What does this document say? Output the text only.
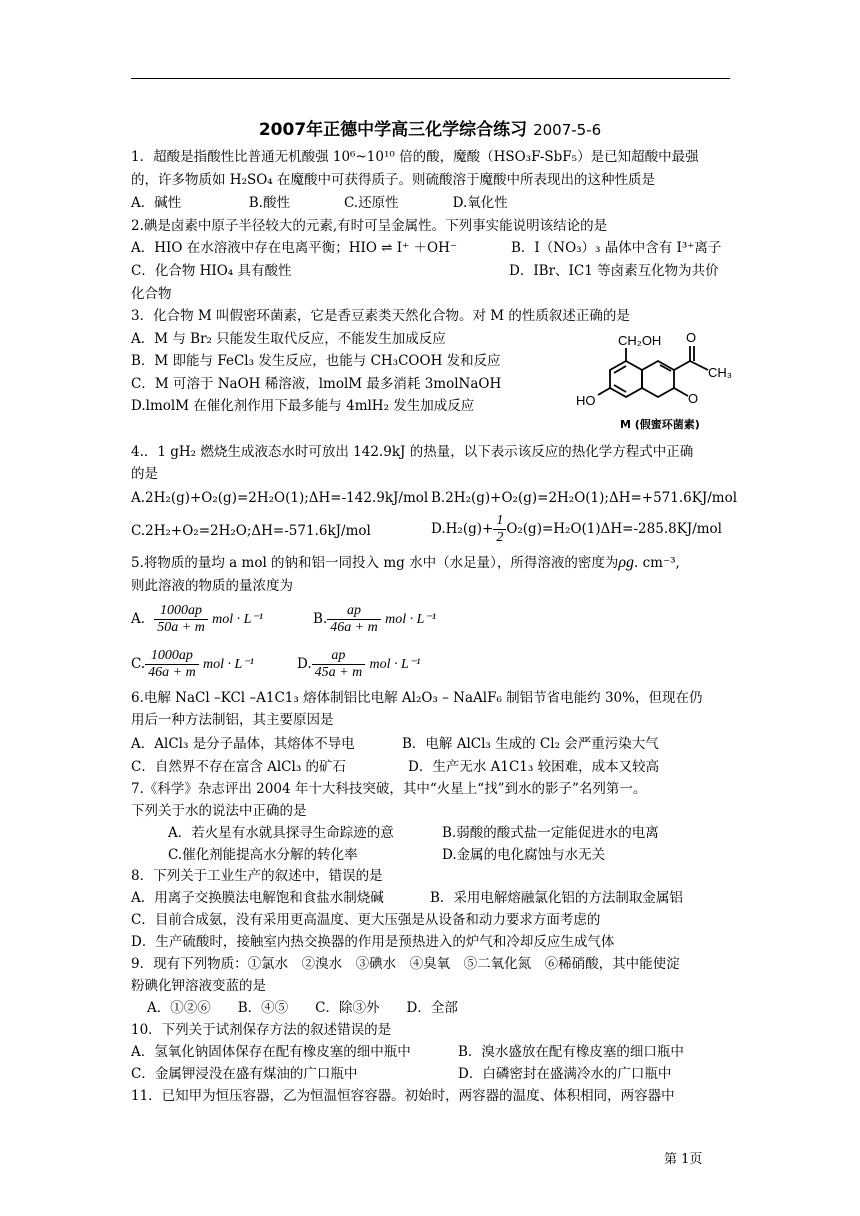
2007年正德中学高三化学综合练习 2007-5-6
1．超酸是指酸性比普通无机酸强 10⁶~10¹⁰ 倍的酸，魔酸（HSO₃F-SbF₅）是已知超酸中最强
的，许多物质如 H₂SO₄ 在魔酸中可获得质子。则硫酸溶于魔酸中所表现出的这种性质是
A．碱性　　　　　B.酸性　　　　C.还原性　　　　D.氧化性
2.碘是卤素中原子半径较大的元素,有时可呈金属性。下列事实能说明该结论的是
A．HIO 在水溶液中存在电离平衡；HIO ⇌ I⁺ ＋OH⁻	B．I（NO₃）₃ 晶体中含有 I³⁺离子
C．化合物 HIO₄ 具有酸性	D．IBr、IC1 等卤素互化物为共价
化合物
3．化合物 M 叫假密环菌素，它是香豆素类天然化合物。对 M 的性质叙述正确的是
A．M 与 Br₂ 只能发生取代反应，不能发生加成反应
B．M 即能与 FeCl₃ 发生反应，也能与 CH₃COOH 发和反应
C．M 可溶于 NaOH 稀溶液，lmolM 最多消耗 3molNaOH
D.lmolM 在催化剂作用下最多能与 4mlH₂ 发生加成反应
CH₂OH
CH₃
HO
O
O
M (假蜜环菌素)
4.．1 gH₂ 燃烧生成液态水时可放出 142.9kJ 的热量，以下表示该反应的热化学方程式中正确
的是
A.2H₂(g)+O₂(g)=2H₂O(1);ΔH=-142.9kJ/mol B.2H₂(g)+O₂(g)=2H₂O(1);ΔH=+571.6KJ/mol
C.2H₂+O₂=2H₂O;ΔH=-571.6kJ/mol	$D.H_2(g)+ \frac{1}{2} O_2(g)=H_2O(1)\Delta H=-285.8KJ/mol$
5.将物质的量均 a mol 的钠和铝一同投入 mg 水中（水足量），所得溶液的密度为ρg. cm⁻³,
则此溶液的物质的量浓度为
A． $\frac{1000ap}{50a + m}$ mol · L⁻¹	B. $\frac{ap}{46a + m}$ mol · L⁻¹
C. $\frac{1000ap}{46a + m}$ mol · L⁻¹	D. $\frac{ap}{45a + m}$ mol · L⁻¹
6.电解 NaCl –KCl –A1C1₃ 熔体制铝比电解 Al₂O₃ – NaAlF₆ 制铝节省电能约 30%，但现在仍
用后一种方法制铝，其主要原因是
A．AlCl₃ 是分子晶体，其熔体不导电	B．电解 AlCl₃ 生成的 Cl₂ 会严重污染大气
C．自然界不存在富含 AlCl₃ 的矿石	D．生产无水 A1C1₃ 较困难，成本又较高
7.《科学》杂志评出 2004 年十大科技突破，其中“火星上“找”到水的影子”名列第一。
下列关于水的说法中正确的是
A．若火星有水就具探寻生命踪迹的意	B.弱酸的酸式盐一定能促进水的电离
C.催化剂能提高水分解的转化率	D.金属的电化腐蚀与水无关
8．下列关于工业生产的叙述中，错误的是
A．用离子交换膜法电解饱和食盐水制烧碱	B．采用电解熔融氯化铝的方法制取金属铝
C．目前合成氨，没有采用更高温度、更大压强是从设备和动力要求方面考虑的
D．生产硫酸时，接触室内热交换器的作用是预热进入的炉气和冷却反应生成气体
9．现有下列物质：①氯水　②溴水　③碘水　④臭氧　⑤二氧化氮　⑥稀硝酸，其中能使淀
粉碘化钾溶液变蓝的是
A．①②⑥　　B．④⑤　　C．除③外　　D．全部
10．下列关于试剂保存方法的叙述错误的是
A．氢氧化钠固体保存在配有橡皮塞的细中瓶中	B．溴水盛放在配有橡皮塞的细口瓶中
C．金属钾浸没在盛有煤油的广口瓶中	D．白磷密封在盛满冷水的广口瓶中
11．已知甲为恒压容器，乙为恒温恒容容器。初始时，两容器的温度、体积相同，两容器中
第 1页
